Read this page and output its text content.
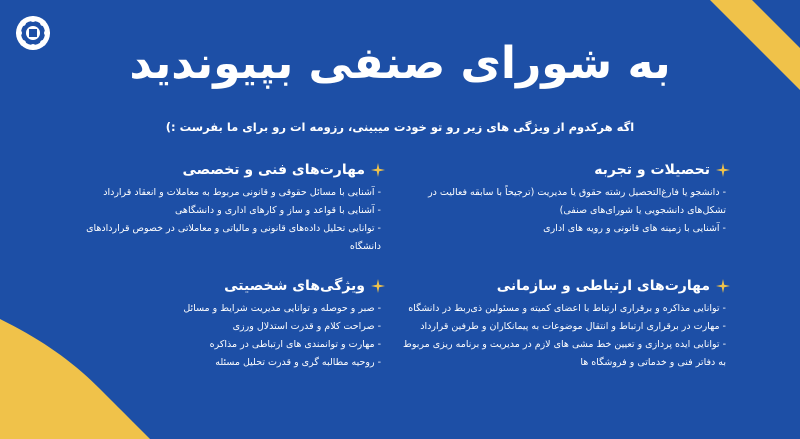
به شورای صنفی بپیوندید
اگه هرکدوم از ویژگی های زیر رو تو خودت میبینی، رزومه ات رو برای ما بفرست :)
تحصیلات و تجربه
- دانشجو یا فارغ‌التحصیل رشته حقوق یا مدیریت (ترجیحاً با سابقه فعالیت در تشکل‌های دانشجویی یا شورای‌های صنفی)
- آشنایی با زمینه های قانونی و رویه های اداری
مهارت‌های فنی و تخصصی
- آشنایی با مسائل حقوقی و قانونی مربوط به معاملات و انعقاد قرارداد
- آشنایی با قواعد و ساز و کارهای اداری و دانشگاهی
- توانایی تحلیل داده‌های قانونی و مالیاتی و معاملاتی در خصوص قراردادهای دانشگاه
مهارت‌های ارتباطی و سازمانی
- توانایی مذاکره و برقراری ارتباط با اعضای کمیته و مسئولین ذی‌ربط در دانشگاه
- مهارت در برقراری ارتباط و انتقال موضوعات به پیمانکاران و طرفین قرارداد
- توانایی ایده پردازی و تعیین خط مشی های لازم در مدیریت و برنامه ریزی مربوط به دفاتر فنی و خدماتی و فروشگاه ها
ویژگی‌های شخصیتی
- صبر و حوصله و توانایی مدیریت شرایط و مسائل
- صراحت کلام و قدرت استدلال ورزی
- مهارت و توانمندی های ارتباطی در مذاکره
- روحیه مطالبه گری و قدرت تحلیل مسئله
